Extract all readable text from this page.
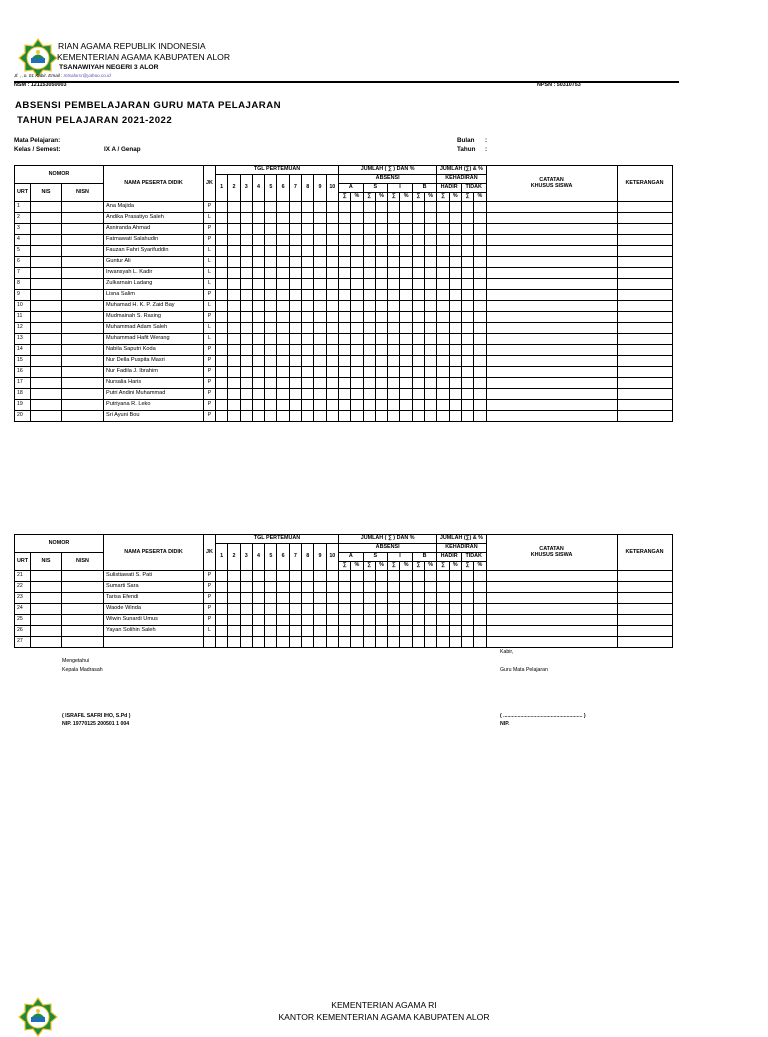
RIAN AGAMA REPUBLIK INDONESIA
KEMENTERIAN AGAMA KABUPATEN ALOR
TSANAWIYAH NEGERI 3 ALOR
Jl. , .o. 01 Kabir. Email : mtsalorsr@yahoo.co.id
NSM : 121153050003	NPSN : 50310753
ABSENSI PEMBELAJARAN GURU MATA PELAJARAN
TAHUN PELAJARAN 2021-2022
Mata Pelajaran:
Kelas / Semest:	IX A / Genap
Bulan :
Tahun :
NOMOR			NAMA PESERTA DIDIK	JK	TGL PERTEMUAN										JUMLAH ( ∑ ) DAN %								JUMLAH (∑) & %				CATATAN
KHUSUS SISWA	KETERANGAN
					1	2	3	4	5	6	7	8	9	10	ABSENSI								KEHADIRAN					
URT	NIS	NISN													A		S		I		B		HADIR		TIDAK			
															∑	%	∑	%	∑	%	∑	%	∑	%	∑	%		
1			Ana Majida	P																								
2			Andika Prasatiyo Saleh	L																								
3			Asniranda Ahmad	P																								
4			Fatmawati Salahudin	P																								
5			Fauzan Fahri Syarifuddin	L																								
6			Guntur Ali	L																								
7			Irwansyah L. Kadir	L																								
8			Zulkarnain Ladang	L																								
9			Lisna Salim	P																								
10			Muhamad H. K. P. Zaid Bay	L																								
11			Mudmainah S. Rasing	P																								
12			Muhammad Adam Saleh	L																								
13			Muhammad Hafit Werang	L																								
14			Nabila Saputri Koda	P																								
15			Nur Della Puspita Masri	P																								
16			Nur Fadila J. Ibrahim	P																								
17			Nursalia Haris	P																								
18			Putri Andini Muhammad	P																								
19			Putriyana R. Leko	P																								
20			Sri Ayuni Bou	P																								
NOMOR			NAMA PESERTA DIDIK	JK	TGL PERTEMUAN										JUMLAH ( ∑ ) DAN %								JUMLAH (∑) & %				CATATAN
KHUSUS SISWA	KETERANGAN
					1	2	3	4	5	6	7	8	9	10	ABSENSI								KEHADIRAN					
URT	NIS	NISN													A		S		I		B		HADIR		TIDAK			
															∑	%	∑	%	∑	%	∑	%	∑	%	∑	%		
21			Sulistiawati S. Pati	P																								
22			Sumarti Sara	P																								
23			Tarisa Efendi	P																								
24			Waode Winda	P																								
25			Wiwin Sunardi Umus	P																								
26			Yayan Solihin Saleh	L																								
27																												
Kabir,
Mengetahui
Kepala Madrasah	Guru Mata Pelajaran
( ISRAFIL SAFRI IHO, S.Pd )
NIP. 19770125 200501 1 004
( ....................................................... )
NIP.
KEMENTERIAN AGAMA RI
KANTOR KEMENTERIAN AGAMA KABUPATEN ALOR
